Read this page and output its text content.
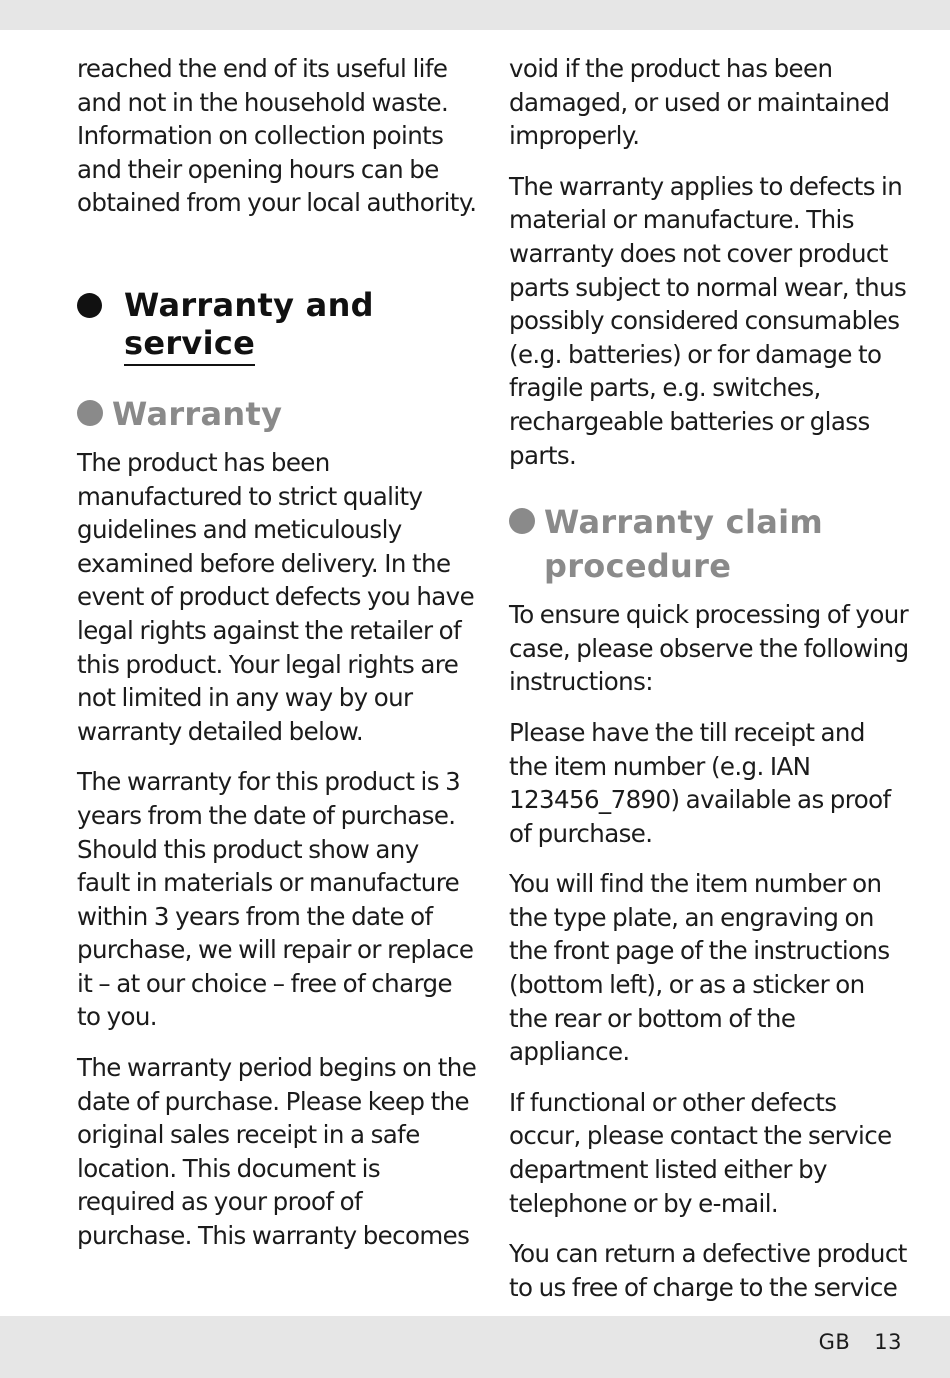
reached the end of its useful life and not in the household waste. Information on collection points and their opening hours can be obtained from your local authority.

Warranty and
service
Warranty

The product has been manufactured to strict quality guidelines and meticulously examined before delivery. In the event of product defects you have legal rights against the retailer of this product. Your legal rights are not limited in any way by our warranty detailed below.

The warranty for this product is 3 years from the date of purchase. Should this product show any fault in materials or manufacture within 3 years from the date of purchase, we will repair or replace it – at our choice – free of charge to you.

The warranty period begins on the date of purchase. Please keep the original sales receipt in a safe location. This document is required as your proof of purchase. This warranty becomes

void if the product has been damaged, or used or maintained improperly.

The warranty applies to defects in material or manufacture. This warranty does not cover product parts subject to normal wear, thus possibly considered consumables (e.g. batteries) or for damage to fragile parts, e.g. switches, rechargeable batteries or glass parts.

Warranty claim
procedure

To ensure quick processing of your case, please observe the following instructions:

Please have the till receipt and the item number (e.g. IAN 123456_7890) available as proof of purchase.

You will find the item number on the type plate, an engraving on the front page of the instructions (bottom left), or as a sticker on the rear or bottom of the appliance.

If functional or other defects occur, please contact the service department listed either by telephone or by e-mail.

You can return a defective product to us free of charge to the service

GB 13
